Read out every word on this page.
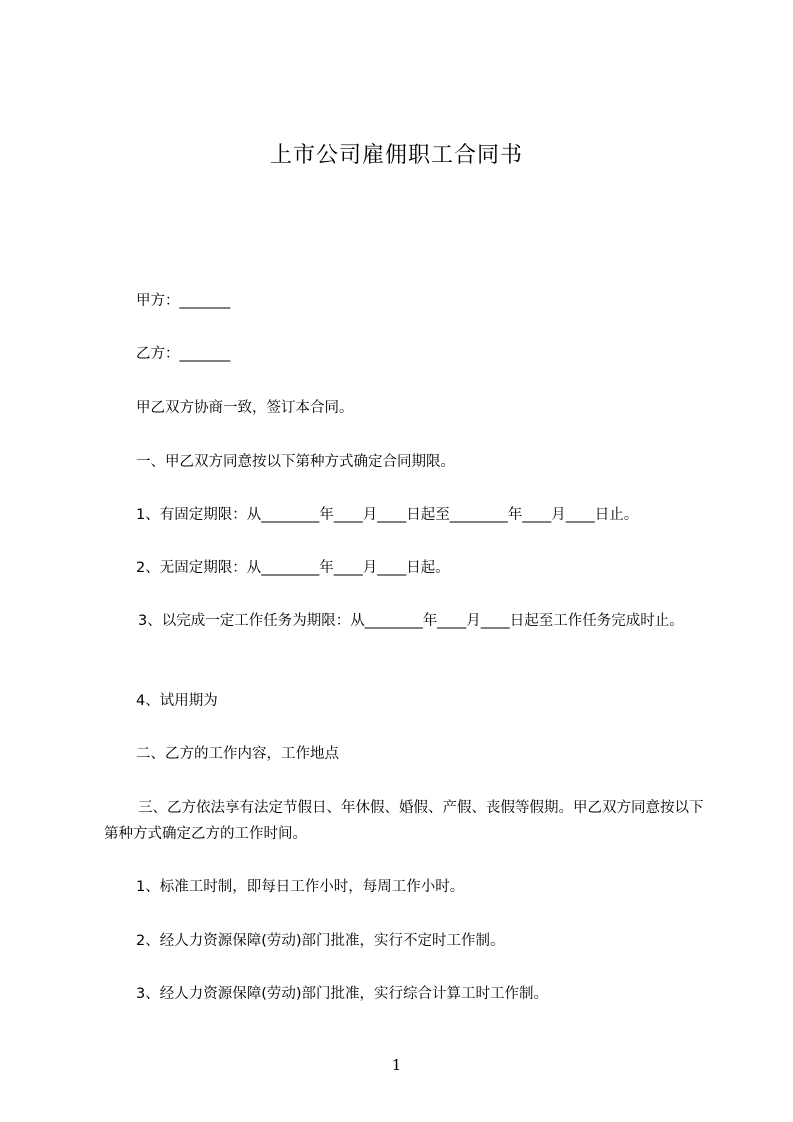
上市公司雇佣职工合同书
甲方：_______
乙方：_______
甲乙双方协商一致，签订本合同。
一、甲乙双方同意按以下第种方式确定合同期限。
1、有固定期限：从________年____月____日起至________年____月____日止。
2、无固定期限：从________年____月____日起。
3、以完成一定工作任务为期限：从________年____月____日起至工作任务完成时止。
4、试用期为
二、乙方的工作内容，工作地点
三、乙方依法享有法定节假日、年休假、婚假、产假、丧假等假期。甲乙双方同意按以下第种方式确定乙方的工作时间。
1、标准工时制，即每日工作小时，每周工作小时。
2、经人力资源保障(劳动)部门批准，实行不定时工作制。
3、经人力资源保障(劳动)部门批准，实行综合计算工时工作制。
1
